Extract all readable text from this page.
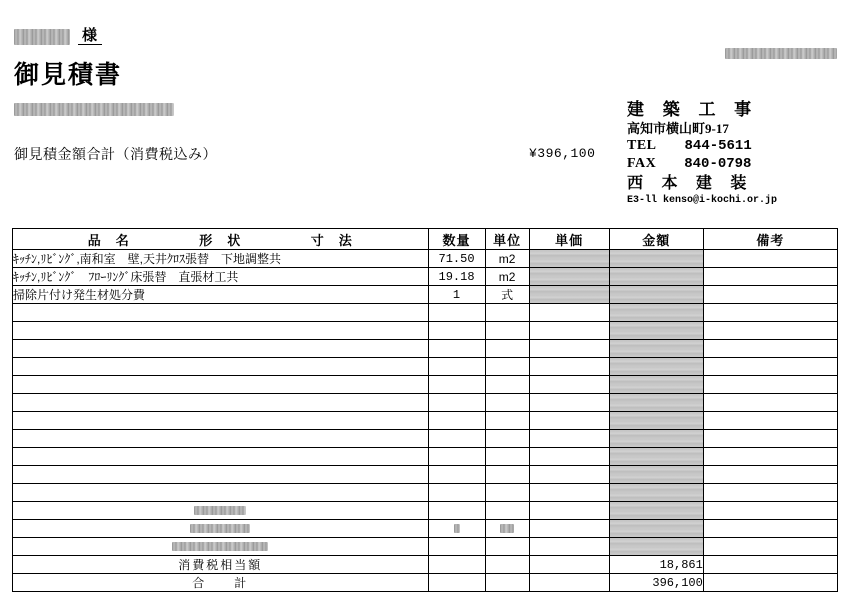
様
御見積書
御見積金額合計（消費税込み）	¥396,100
建 築 工 事
高知市横山町9-17
TEL 844-5611
FAX 840-0798
西 本 建 装
E3-ll kenso@i-kochi.or.jp
品　名 形　状 寸　法	数量	単位	単価	金額	備考
ｷｯﾁﾝ,ﾘﾋﾞﾝｸﾞ,南和室　壁,天井ｸﾛｽ張替　下地調整共	71.50	m2			
ｷｯﾁﾝ,ﾘﾋﾞﾝｸﾞ　ﾌﾛｰﾘﾝｸﾞ床張替　直張材工共	19.18	m2			
掃除片付け発生材処分費	1	式			

消費税相当額				18,861	
合　　計				396,100	
